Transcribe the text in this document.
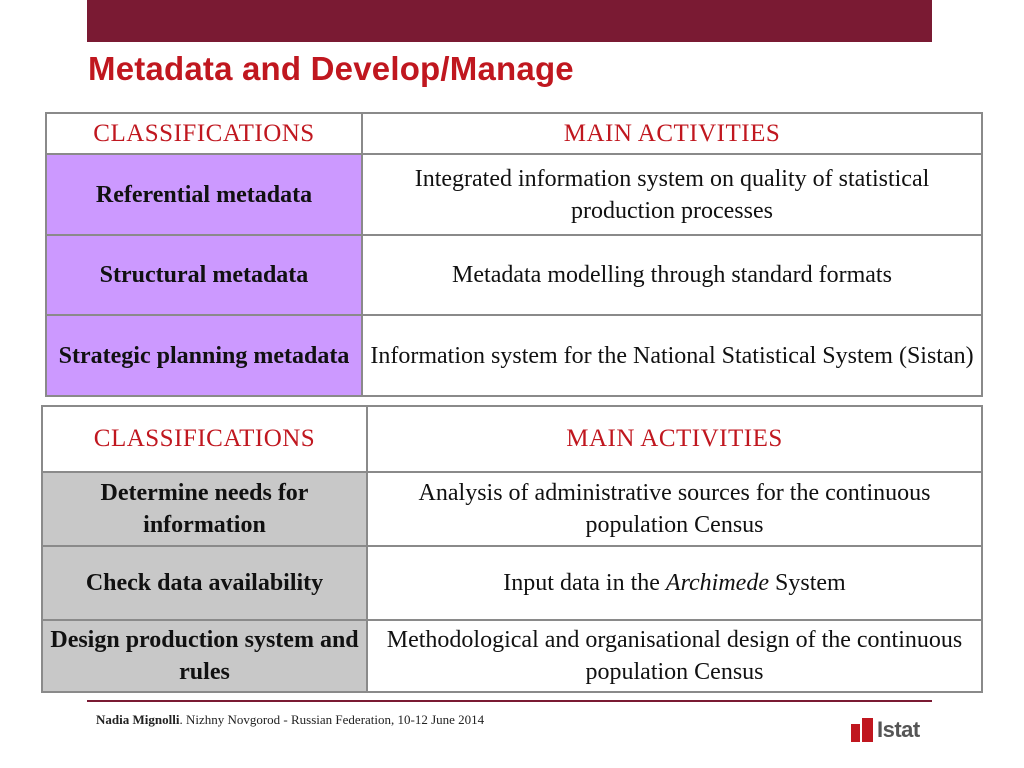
Metadata and Develop/Manage
CLASSIFICATIONS	MAIN ACTIVITIES
Referential metadata	Integrated information system on quality of statistical production processes
Structural metadata	Metadata modelling through standard formats
Strategic planning metadata	Information system for the National Statistical System (Sistan)
CLASSIFICATIONS	MAIN ACTIVITIES
Determine needs for information	Analysis of administrative sources for the continuous population Census
Check data availability	Input data in the Archimede System
Design production system and rules	Methodological and organisational design of the continuous population Census
Nadia Mignolli. Nizhny Novgorod - Russian Federation, 10-12 June 2014	Istat
